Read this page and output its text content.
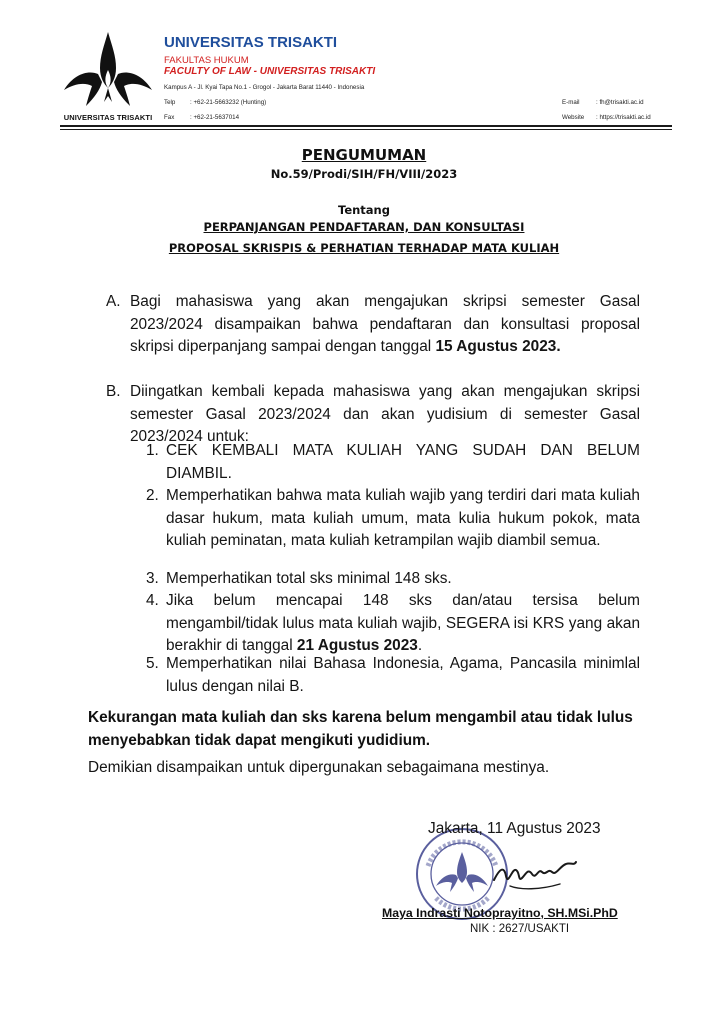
UNIVERSITAS TRISAKTI
UNIVERSITAS TRISAKTI
FAKULTAS HUKUM
FACULTY OF LAW - UNIVERSITAS TRISAKTI
Kampus A - Jl. Kyai Tapa No.1 - Grogol - Jakarta Barat 11440 - Indonesia
Telp : +62-21-5663232 (Hunting)
Fax	: +62-21-5637014
E-mail	: fh@trisakti.ac.id
Website : https://trisakti.ac.id
PENGUMUMAN
No.59/Prodi/SIH/FH/VIII/2023
Tentang
PERPANJANGAN PENDAFTARAN, DAN KONSULTASI
PROPOSAL SKRISPIS & PERHATIAN TERHADAP MATA KULIAH
A. Bagi mahasiswa yang akan mengajukan skripsi semester Gasal 2023/2024 disampaikan bahwa pendaftaran dan konsultasi proposal skripsi diperpanjang sampai dengan tanggal 15 Agustus 2023.
B. Diingatkan kembali kepada mahasiswa yang akan mengajukan skripsi semester Gasal 2023/2024 dan akan yudisium di semester Gasal 2023/2024 untuk:
1. CEK KEMBALI MATA KULIAH YANG SUDAH DAN BELUM DIAMBIL.
2. Memperhatikan bahwa mata kuliah wajib yang terdiri dari mata kuliah dasar hukum, mata kuliah umum, mata kulia hukum pokok, mata kuliah peminatan, mata kuliah ketrampilan wajib diambil semua.
3. Memperhatikan total sks minimal 148 sks.
4. Jika belum mencapai 148 sks dan/atau tersisa belum mengambil/tidak lulus mata kuliah wajib, SEGERA isi KRS yang akan berakhir di tanggal 21 Agustus 2023.
5. Memperhatikan nilai Bahasa Indonesia, Agama, Pancasila minimlal lulus dengan nilai B.
Kekurangan mata kuliah dan sks karena belum mengambil atau tidak lulus menyebabkan tidak dapat mengikuti yudidium.
Demikian disampaikan untuk dipergunakan sebagaimana mestinya.
Jakarta, 11 Agustus 2023
Maya Indrasti Notoprayitno, SH.MSi.PhD
NIK : 2627/USAKTI
